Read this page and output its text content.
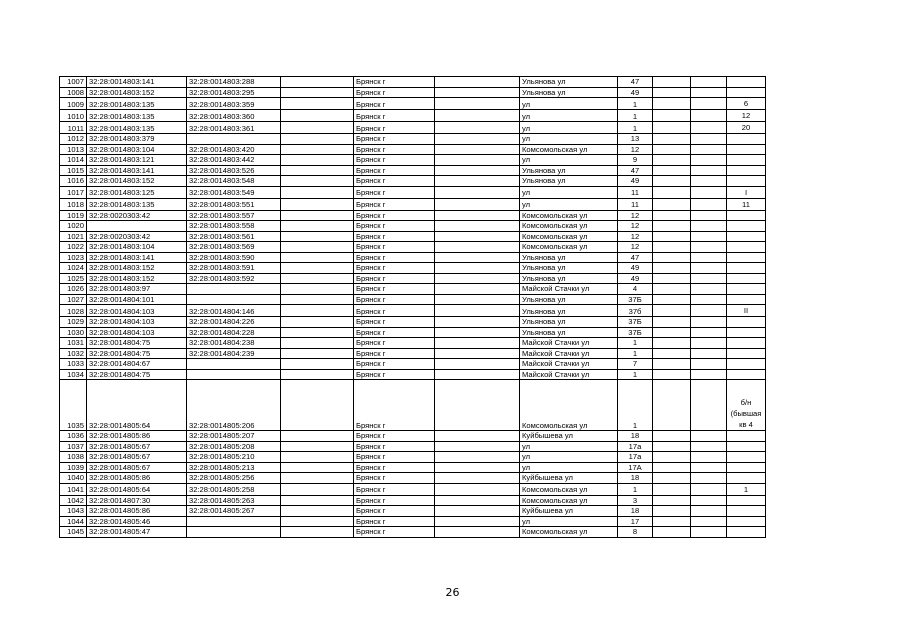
1007	32:28:0014803:141	32:28:0014803:288		Брянск г		Ульянова ул	47			
1008	32:28:0014803:152	32:28:0014803:295		Брянск г		Ульянова ул	49			
1009	32:28:0014803:135	32:28:0014803:359		Брянск г		ул	1			6
1010	32:28:0014803:135	32:28:0014803:360		Брянск г		ул	1			12
1011	32:28:0014803:135	32:28:0014803:361		Брянск г		ул	1			20
1012	32:28:0014803:379			Брянск г		ул	13			
1013	32:28:0014803:104	32:28:0014803:420		Брянск г		Комсомольская ул	12			
1014	32:28:0014803:121	32:28:0014803:442		Брянск г		ул	9			
1015	32:28:0014803:141	32:28:0014803:526		Брянск г		Ульянова ул	47			
1016	32:28:0014803:152	32:28:0014803:548		Брянск г		Ульянова ул	49			
1017	32:28:0014803:125	32:28:0014803:549		Брянск г		ул	11			I
1018	32:28:0014803:135	32:28:0014803:551		Брянск г		ул	11			11
1019	32:28:0020303:42	32:28:0014803:557		Брянск г		Комсомольская ул	12			
1020		32:28:0014803:558		Брянск г		Комсомольская ул	12			
1021	32:28:0020303:42	32:28:0014803:561		Брянск г		Комсомольская ул	12			
1022	32:28:0014803:104	32:28:0014803:569		Брянск г		Комсомольская ул	12			
1023	32:28:0014803:141	32:28:0014803:590		Брянск г		Ульянова ул	47			
1024	32:28:0014803:152	32:28:0014803:591		Брянск г		Ульянова ул	49			
1025	32:28:0014803:152	32:28:0014803:592		Брянск г		Ульянова ул	49			
1026	32:28:0014803:97			Брянск г		Майской Стачки ул	4			
1027	32:28:0014804:101			Брянск г		Ульянова ул	37Б			
1028	32:28:0014804:103	32:28:0014804:146		Брянск г		Ульянова ул	37б			II
1029	32:28:0014804:103	32:28:0014804:226		Брянск г		Ульянова ул	37Б			
1030	32:28:0014804:103	32:28:0014804:228		Брянск г		Ульянова ул	37Б			
1031	32:28:0014804:75	32:28:0014804:238		Брянск г		Майской Стачки ул	1			
1032	32:28:0014804:75	32:28:0014804:239		Брянск г		Майской Стачки ул	1			
1033	32:28:0014804:67			Брянск г		Майской Стачки ул	7			
1034	32:28:0014804:75			Брянск г		Майской Стачки ул	1			
1035	32:28:0014805:64	32:28:0014805:206		Брянск г		Комсомольская ул	1			б/н (бывшая кв 4
1036	32:28:0014805:86	32:28:0014805:207		Брянск г		Куйбышева ул	18			
1037	32:28:0014805:67	32:28:0014805:208		Брянск г		ул	17а			
1038	32:28:0014805:67	32:28:0014805:210		Брянск г		ул	17а			
1039	32:28:0014805:67	32:28:0014805:213		Брянск г		ул	17А			
1040	32:28:0014805:86	32:28:0014805:256		Брянск г		Куйбышева ул	18			
1041	32:28:0014805:64	32:28:0014805:258		Брянск г		Комсомольская ул	1			1
1042	32:28:0014807:30	32:28:0014805:263		Брянск г		Комсомольская ул	3			
1043	32:28:0014805:86	32:28:0014805:267		Брянск г		Куйбышева ул	18			
1044	32:28:0014805:46			Брянск г		ул	17			
1045	32:28:0014805:47			Брянск г		Комсомольская ул	8			
26
